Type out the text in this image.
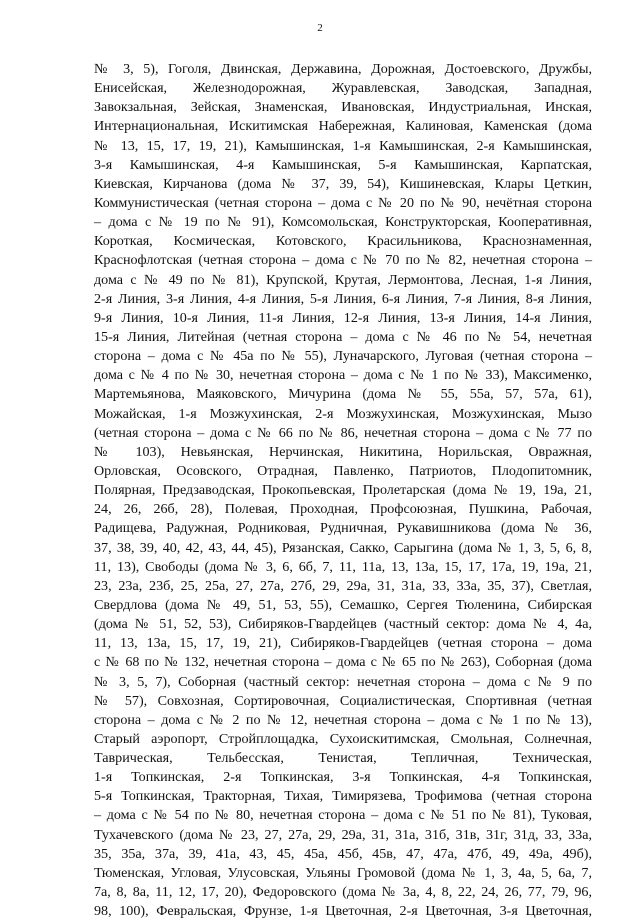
2
№ 3, 5), Гоголя, Двинская, Державина, Дорожная, Достоевского, Дружбы,
Енисейская, Железнодорожная, Журавлевская, Заводская, Западная,
Завокзальная, Зейская, Знаменская, Ивановская, Индустриальная, Инская,
Интернациональная, Искитимская Набережная, Калиновая, Каменская (дома
№ 13, 15, 17, 19, 21), Камышинская, 1-я Камышинская, 2-я Камышинская,
3-я Камышинская, 4-я Камышинская, 5-я Камышинская, Карпатская,
Киевская, Кирчанова (дома № 37, 39, 54), Кишиневская, Клары Цеткин,
Коммунистическая (четная сторона – дома с № 20 по № 90, нечётная сторона
– дома с № 19 по № 91), Комсомольская, Конструкторская, Кооперативная,
Короткая, Космическая, Котовского, Красильникова, Краснознаменная,
Краснофлотская (четная сторона – дома с № 70 по № 82, нечетная сторона –
дома с № 49 по № 81), Крупской, Крутая, Лермонтова, Лесная, 1-я Линия,
2-я Линия, 3-я Линия, 4-я Линия, 5-я Линия, 6-я Линия, 7-я Линия, 8-я Линия,
9-я Линия, 10-я Линия, 11-я Линия, 12-я Линия, 13-я Линия, 14-я Линия,
15-я Линия, Литейная (четная сторона – дома с № 46 по № 54, нечетная
сторона – дома с № 45а по № 55), Луначарского, Луговая (четная сторона –
дома с № 4 по № 30, нечетная сторона – дома с № 1 по № 33), Максименко,
Мартемьянова, Маяковского, Мичурина (дома № 55, 55а, 57, 57а, 61),
Можайская, 1-я Мозжухинская, 2-я Мозжухинская, Мозжухинская, Мызо
(четная сторона – дома с № 66 по № 86, нечетная сторона – дома с № 77 по
№ 103), Невьянская, Нерчинская, Никитина, Норильская, Овражная,
Орловская, Осовского, Отрадная, Павленко, Патриотов, Плодопитомник,
Полярная, Предзаводская, Прокопьевская, Пролетарская (дома № 19, 19а, 21,
24, 26, 26б, 28), Полевая, Проходная, Профсоюзная, Пушкина, Рабочая,
Радищева, Радужная, Родниковая, Рудничная, Рукавишникова (дома № 36,
37, 38, 39, 40, 42, 43, 44, 45), Рязанская, Сакко, Сарыгина (дома № 1, 3, 5, 6, 8,
11, 13), Свободы (дома № 3, 6, 6б, 7, 11, 11а, 13, 13а, 15, 17, 17а, 19, 19а, 21,
23, 23а, 23б, 25, 25а, 27, 27а, 27б, 29, 29а, 31, 31а, 33, 33а, 35, 37), Светлая,
Свердлова (дома № 49, 51, 53, 55), Семашко, Сергея Тюленина, Сибирская
(дома № 51, 52, 53), Сибиряков-Гвардейцев (частный сектор: дома № 4, 4а,
11, 13, 13а, 15, 17, 19, 21), Сибиряков-Гвардейцев (четная сторона – дома
с № 68 по № 132, нечетная сторона – дома с № 65 по № 263), Соборная (дома
№ 3, 5, 7), Соборная (частный сектор: нечетная сторона – дома с № 9 по
№ 57), Совхозная, Сортировочная, Социалистическая, Спортивная (четная
сторона – дома с № 2 по № 12, нечетная сторона – дома с № 1 по № 13),
Старый аэропорт, Стройплощадка, Сухоискитимская, Смольная, Солнечная,
Таврическая, Тельбесская, Тенистая, Тепличная, Техническая,
1-я Топкинская, 2-я Топкинская, 3-я Топкинская, 4-я Топкинская,
5-я Топкинская, Тракторная, Тихая, Тимирязева, Трофимова (четная сторона
– дома с № 54 по № 80, нечетная сторона – дома с № 51 по № 81), Туковая,
Тухачевского (дома № 23, 27, 27а, 29, 29а, 31, 31а, 31б, 31в, 31г, 31д, 33, 33а,
35, 35а, 37а, 39, 41а, 43, 45, 45а, 45б, 45в, 47, 47а, 47б, 49, 49а, 49б),
Тюменская, Угловая, Улусовская, Ульяны Громовой (дома № 1, 3, 4а, 5, 6а, 7,
7а, 8, 8а, 11, 12, 17, 20), Федоровского (дома № 3а, 4, 8, 22, 24, 26, 77, 79, 96,
98, 100), Февральская, Фрунзе, 1-я Цветочная, 2-я Цветочная, 3-я Цветочная,
